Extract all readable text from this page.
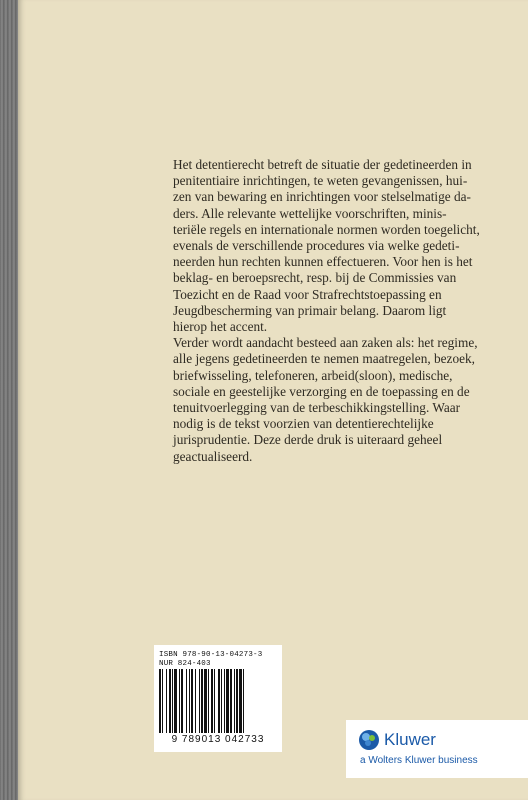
Het detentierecht betreft de situatie der gedetineerden in
penitentiaire inrichtingen, te weten gevangenissen, hui-
zen van bewaring en inrichtingen voor stelselmatige da-
ders. Alle relevante wettelijke voorschriften, minis-
teriële regels en internationale normen worden toegelicht,
evenals de verschillende procedures via welke gedeti-
neerden hun rechten kunnen effectueren. Voor hen is het
beklag- en beroepsrecht, resp. bij de Commissies van
Toezicht en de Raad voor Strafrechtstoepassing en
Jeugdbescherming van primair belang. Daarom ligt
hierop het accent.
Verder wordt aandacht besteed aan zaken als: het regime,
alle jegens gedetineerden te nemen maatregelen, bezoek,
briefwisseling, telefoneren, arbeid(sloon), medische,
sociale en geestelijke verzorging en de toepassing en de
tenuitvoerlegging van de terbeschikkingstelling. Waar
nodig is de tekst voorzien van detentierechtelijke
jurisprudentie. Deze derde druk is uiteraard geheel
geactualiseerd.
ISBN 978-90-13-04273-3
NUR 824-403
9 789013 042733	Kluwer
a Wolters Kluwer business
